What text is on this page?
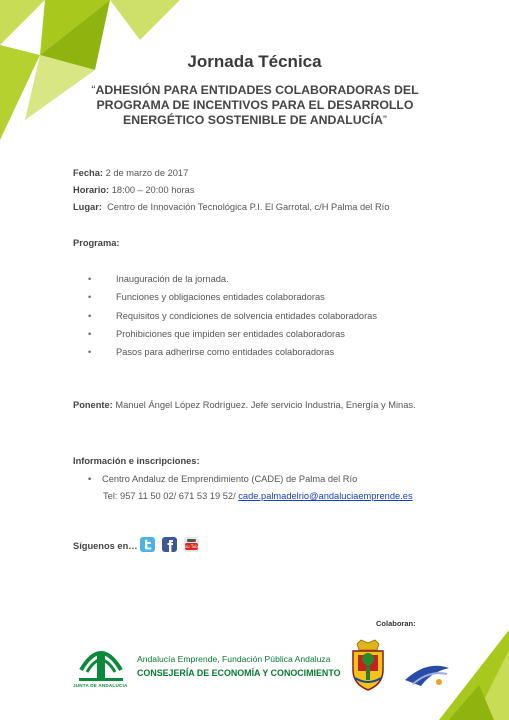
Jornada Técnica
“ADHESIÓN PARA ENTIDADES COLABORADORAS DEL PROGRAMA DE INCENTIVOS PARA EL DESARROLLO ENERGÉTICO SOSTENIBLE DE ANDALUCÍA”
Fecha: 2 de marzo de 2017
Horario: 18:00 – 20:00 horas
Lugar: Centro de Innovación Tecnológica P.I. El Garrotal, c/H Palma del Río
Programa:
• Inauguración de la jornada.
• Funciones y obligaciones entidades colaboradoras
• Requisitos y condiciones de solvencia entidades colaboradoras
• Prohibiciones que impiden ser entidades colaboradoras
• Pasos para adherirse como entidades colaboradoras
Ponente: Manuel Ángel López Rodríguez. Jefe servicio Industria, Energía y Minas.
Información e inscripciones:
• Centro Andaluz de Emprendimiento (CADE) de Palma del Río
Tel: 957 11 50 02/ 671 53 19 52/ cade.palmadelrio@andaluciaemprende.es
Síguenos en…	You Tube
Colaboran:
JUNTA DE ANDALUCIA
Andalucía Emprende, Fundación Pública Andaluza
CONSEJERÍA DE ECONOMÍA Y CONOCIMIENTO
